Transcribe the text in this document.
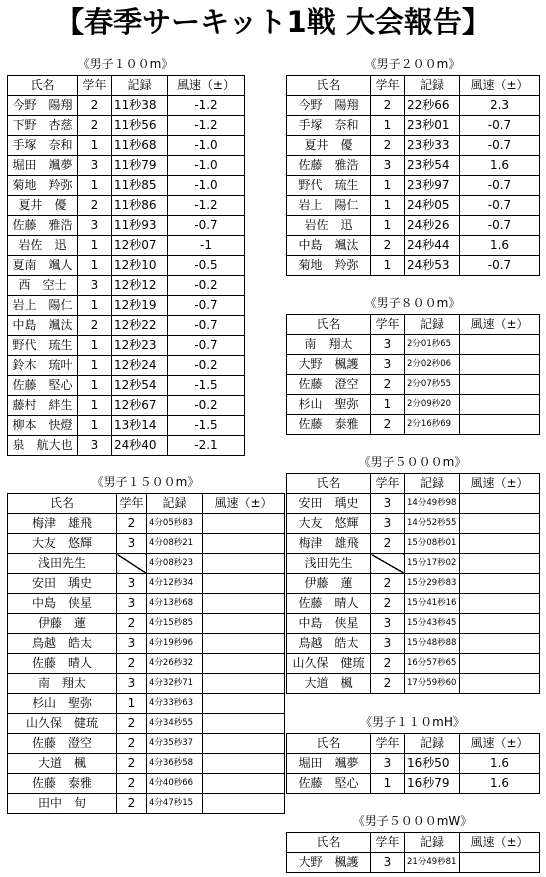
【春季サーキット1戦 大会報告】
《男子１００m》
氏名	学年	記録	風速（±）
今野　陽翔	2	11秒38	-1.2
下野　杏慈	2	11秒56	-1.2
手塚　奈和	1	11秒68	-1.0
堀田　颯夢	3	11秒79	-1.0
菊地　羚弥	1	11秒85	-1.0
夏井　優	2	11秒86	-1.2
佐藤　雅浩	3	11秒93	-0.7
岩佐　迅	1	12秒07	-1
夏南　颯人	1	12秒10	-0.5
西　空士	3	12秒12	-0.2
岩上　陽仁	1	12秒19	-0.7
中島　颯汰	2	12秒22	-0.7
野代　琉生	1	12秒23	-0.7
鈴木　琉叶	1	12秒24	-0.2
佐藤　堅心	1	12秒54	-1.5
藤村　絆生	1	12秒67	-0.2
柳本　快燈	1	13秒14	-1.5
泉　航大也	3	24秒40	-2.1
《男子２００m》
氏名	学年	記録	風速（±）
今野　陽翔	2	22秒66	2.3
手塚　奈和	1	23秒01	-0.7
夏井　優	2	23秒33	-0.7
佐藤　雅浩	3	23秒54	1.6
野代　琉生	1	23秒97	-0.7
岩上　陽仁	1	24秒05	-0.7
岩佐　迅	1	24秒26	-0.7
中島　颯汰	2	24秒44	1.6
菊地　羚弥	1	24秒53	-0.7
《男子８００m》
氏名	学年	記録	風速（±）
南　翔太	3	2分01秒65	
大野　楓護	3	2分02秒06	
佐藤　澄空	2	2分07秒55	
杉山　聖弥	1	2分09秒20	
佐藤　泰雅	2	2分16秒69	
《男子１５００m》
氏名	学年	記録	風速（±）
梅津　雄飛	2	4分05秒83	
大友　悠輝	3	4分08秒21	
浅田先生		4分08秒23	
安田　瑀史	3	4分12秒34	
中島　侠星	3	4分13秒68	
伊藤　蓮	2	4分15秒85	
鳥越　皓太	3	4分19秒96	
佐藤　晴人	2	4分26秒32	
南　翔太	3	4分32秒71	
杉山　聖弥	1	4分33秒63	
山久保　健琉	2	4分34秒55	
佐藤　澄空	2	4分35秒37	
大道　楓	2	4分36秒58	
佐藤　泰雅	2	4分40秒66	
田中　旬	2	4分47秒15	
《男子５０００m》
氏名	学年	記録	風速（±）
安田　瑀史	3	14分49秒98	
大友　悠輝	3	14分52秒55	
梅津　雄飛	2	15分08秒01	
浅田先生		15分17秒02	
伊藤　蓮	2	15分29秒83	
佐藤　晴人	2	15分41秒16	
中島　侠星	3	15分43秒45	
鳥越　皓太	3	15分48秒88	
山久保　健琉	2	16分57秒65	
大道　楓	2	17分59秒60	
《男子１１０mH》
氏名	学年	記録	風速（±）
堀田　颯夢	3	16秒50	1.6
佐藤　堅心	1	16秒79	1.6
《男子５０００mW》
氏名	学年	記録	風速（±）
大野　楓護	3	21分49秒81	
